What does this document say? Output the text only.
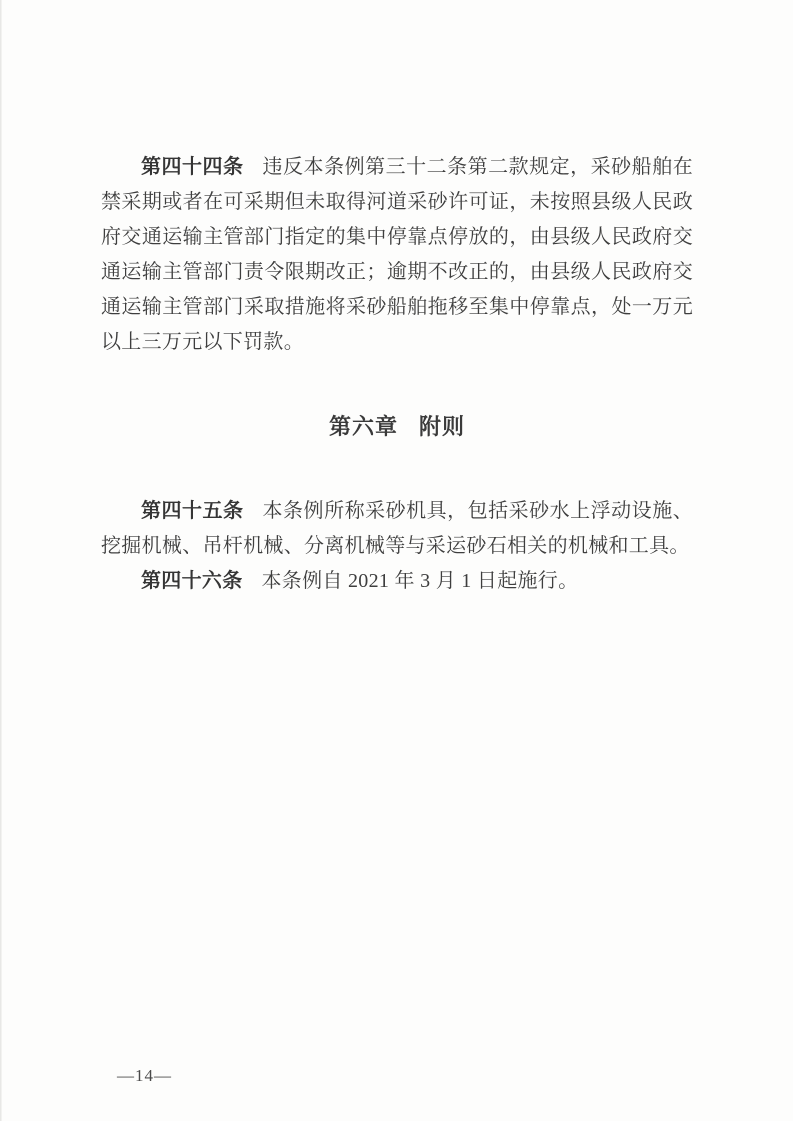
第四十四条 违反本条例第三十二条第二款规定，采砂船舶在禁采期或者在可采期但未取得河道采砂许可证，未按照县级人民政府交通运输主管部门指定的集中停靠点停放的，由县级人民政府交通运输主管部门责令限期改正；逾期不改正的，由县级人民政府交通运输主管部门采取措施将采砂船舶拖移至集中停靠点，处一万元以上三万元以下罚款。

第六章 附则

第四十五条 本条例所称采砂机具，包括采砂水上浮动设施、挖掘机械、吊杆机械、分离机械等与采运砂石相关的机械和工具。

第四十六条 本条例自 2021 年 3 月 1 日起施行。

—14—
